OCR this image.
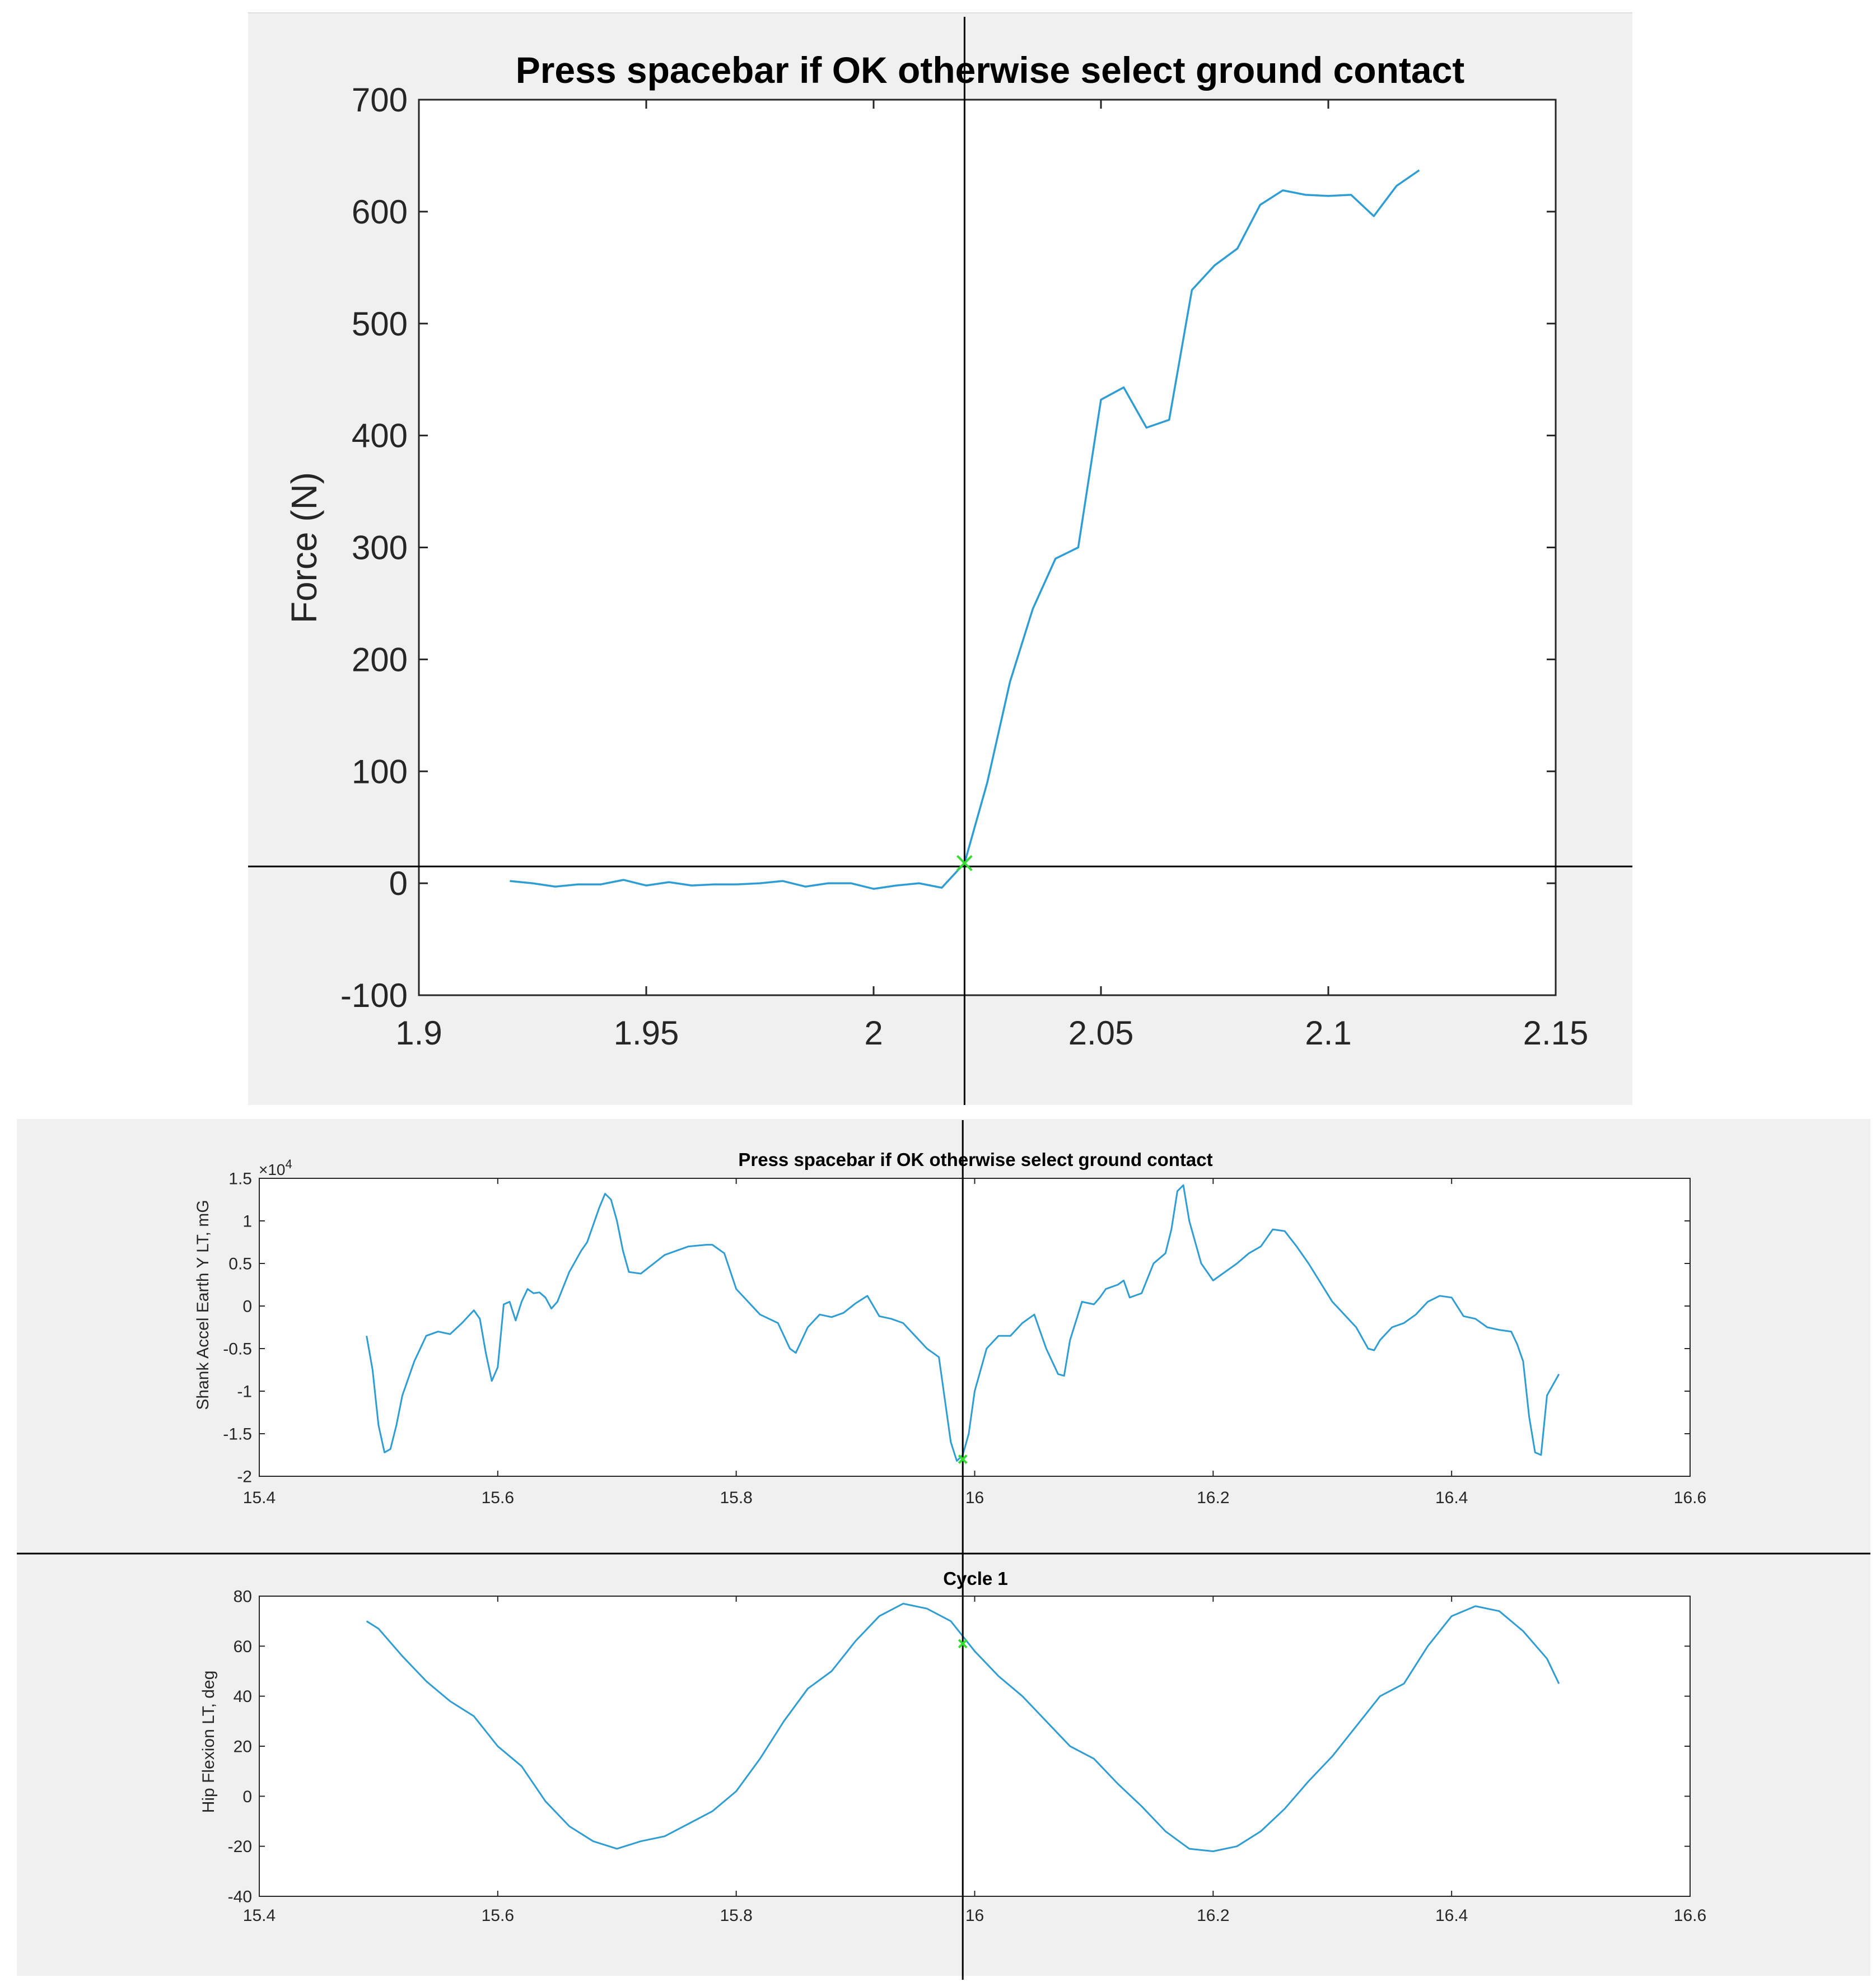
1.9	1.95	2	2.05	2.1	2.15
-100
0
100
200
300
400
500
600
700
15.4	15.6	15.8	16	16.2	16.4	16.6
-2
-1.5
-1
-0.5
0
0.5
1
1.5
15.4	15.6	15.8	16	16.2	16.4	16.6
-40
-20
0
20
40
60
80
Press spacebar if OK otherwise select ground contact
Force (N)
Press spacebar if OK otherwise select ground contact
Shank Accel Earth Y LT, mG
$\times 10^4$
Cycle 1
Hip Flexion LT, deg
